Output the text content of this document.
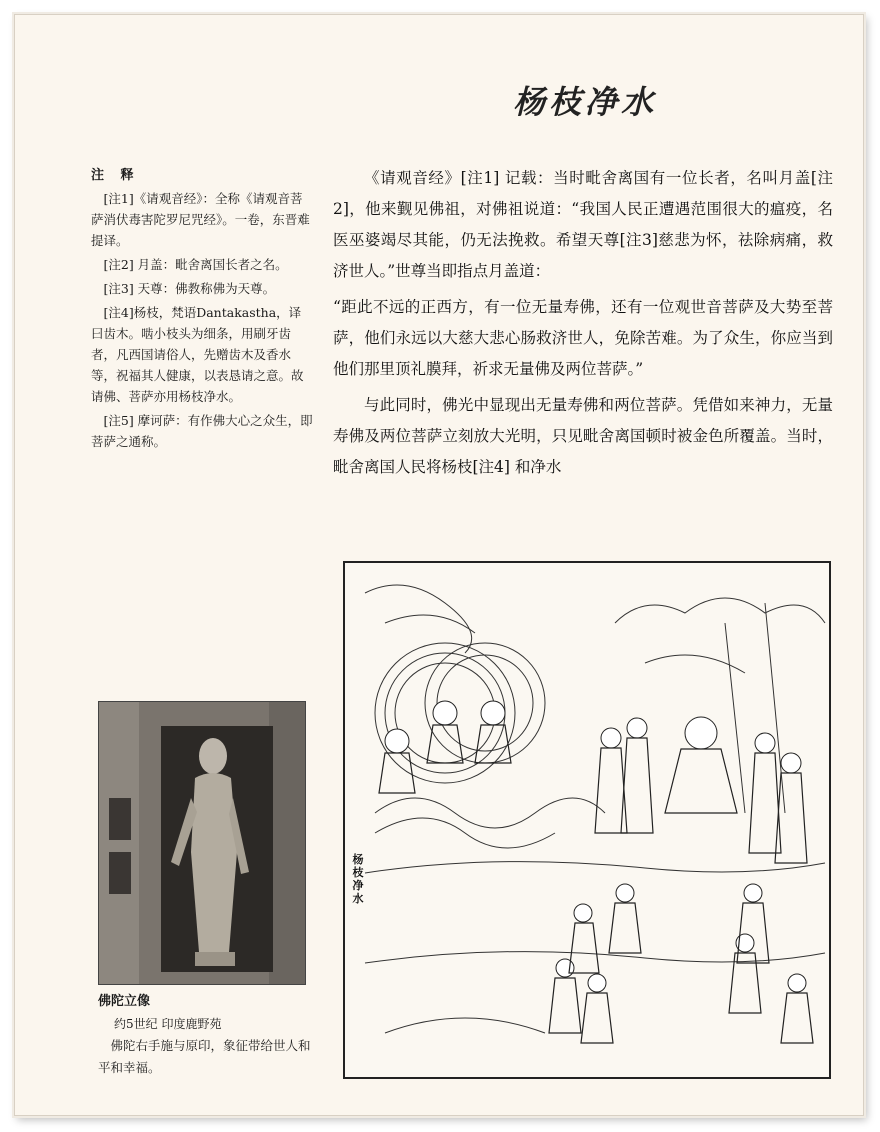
杨枝净水
注 释

[注1]《请观音经》：全称《请观音菩萨消伏毒害陀罗尼咒经》。一卷，东晋难提译。

[注2] 月盖：毗舍离国长者之名。

[注3] 天尊：佛教称佛为天尊。

[注4]杨枝，梵语Dantakastha，译曰齿木。啮小枝头为细条，用刷牙齿者，凡西国请俗人，先赠齿木及香水等，祝福其人健康，以表恳请之意。故请佛、菩萨亦用杨枝净水。

[注5] 摩诃萨：有作佛大心之众生，即菩萨之通称。

《请观音经》[注1] 记载：当时毗舍离国有一位长者，名叫月盖[注2]，他来觐见佛祖，对佛祖说道：“我国人民正遭遇范围很大的瘟疫，名医巫婆竭尽其能，仍无法挽救。希望天尊[注3]慈悲为怀，祛除病痛，救济世人。”世尊当即指点月盖道：

“距此不远的正西方，有一位无量寿佛，还有一位观世音菩萨及大势至菩萨，他们永远以大慈大悲心肠救济世人，免除苦难。为了众生，你应当到他们那里顶礼膜拜，祈求无量佛及两位菩萨。”

与此同时，佛光中显现出无量寿佛和两位菩萨。凭借如来神力，无量寿佛及两位菩萨立刻放大光明，只见毗舍离国顿时被金色所覆盖。当时，毗舍离国人民将杨枝[注4] 和净水

佛陀立像
约5世纪 印度鹿野苑
佛陀右手施与原印，象征带给世人和平和幸福。
杨枝净水
